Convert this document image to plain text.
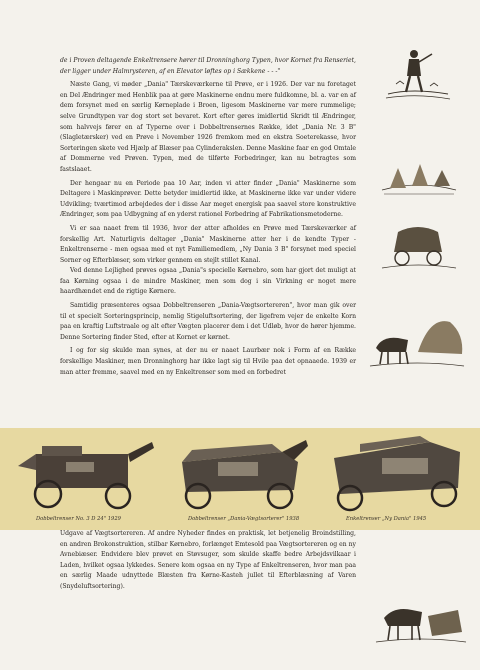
de i Proven deltagende Enkeltrensere hører til Dronninghorg Typen, hvor Kornet fra Renseriet, der ligger under Halmrysteren, af en Elevator løftes op i Sækkene - - -"

Næste Gang, vi møder „Dania" Tærskeværkerne til Prøve, er i 1926. Der var nu foretaget en Del Ændringer med Henblik paa at gøre Maskinerne endnu mere fuldkomne, bl. a. var en af dem forsynet med en særlig Kørneplade i Broen, ligesom Maskinerne var mere rummelige; selve Grundtypen var dog stort set bevaret. Kort efter gøres imidlertid Skridt til Ændringer, som halvvejs fører en af Typerne over i Dobbeltrensernes Række, idet „Dania Nr. 3 B" (Slagletærsker) ved en Prøve i November 1926 fremkom med en ekstra Soeterekasse, hvor Sorteringen skete ved Hjælp af Blæser paa Cylinderakslen. Denne Maskine faar en god Omtale af Dommerne ved Prøven. Typen, med de tilførte Forbedringer, kan nu betragtes som fastslaaet.

Der hengaar nu en Periode paa 10 Aar, inden vi atter finder „Dania" Maskinerne som Deltagere i Maskinprøver. Dette betyder imidlertid ikke, at Maskinerne ikke var under videre Udvikling; tværtimod arbejdedes der i disse Aar meget energisk paa saavel store konstruktive Ændringer, som paa Udbygning af en yderst rationel Forbedring af Fabrikationsmetoderne.

Vi er saa naaet frem til 1936, hvor der atter afholdes en Prøve med Tærskeværker af forskellig Art. Naturligvis deltager „Dania" Maskinerne atter her i de kendte Typer - Enkeltrenserne - men ogsaa med et nyt Familiemedlem, „Ny Dania 3 B" forsynet med speciel Sorner og Efterblæser, som virker gennem en stejlt stillet Kanal.

Ved denne Lejlighed prøves ogsaa „Dania"s specielle Kørnebro, som har gjort det muligt at faa Kørning ogsaa i de mindre Maskiner, men som dog i sin Virkning er noget mere haardhændet end de rigtige Kørnere.

Samtidig præsenteres ogsaa Dobbeltrenseren „Dania-Vægtsortereren", hvor man gik over til et specielt Sorteringsprincip, nemlig Stigeluftsortering, der ligefrem vejer de enkelte Korn paa en kraftig Luftstraale og alt efter Vægten placerer dem i det Udløb, hvor de hører hjemme. Denne Sortering finder Sted, efter at Kornet er kørnet.

I og for sig skulde man synes, at der nu er naaet Laurbær nok i Form af en Række forskellige Maskiner, men Dronninghorg har ikke lagt sig til Hvile paa det opnaaede. 1939 er man atter fremme, saavel med en ny Enkeltrenser som med en forbedret

Dobbeltrenser No. 3 D 24" 1929	Dobbeltrenser „Dania-Vægtsorterer" 1938	Enkeltrenser „Ny Dania" 1945

Udgave af Vægtsortereren. Af andre Nyheder findes en praktisk, let betjenelig Broindstilling, en andren Brokonstruktion, stilbar Kørnebro, forlænget Emtesold paa Vægtsortereren og en ny Avnebiæser. Endvidere blev prøvet en Støvsuger, som skulde skaffe bedre Arbejdsvilkaar i Laden, hvilket ogsaa lykkedes. Senere kom ogsaa en ny Type af Enkeltrenseren, hvor man paa en særlig Maade udnyttede Blæsten fra Kørne-Kasteh jullet til Efterblæsning af Varen (Snydeluftsortering).
